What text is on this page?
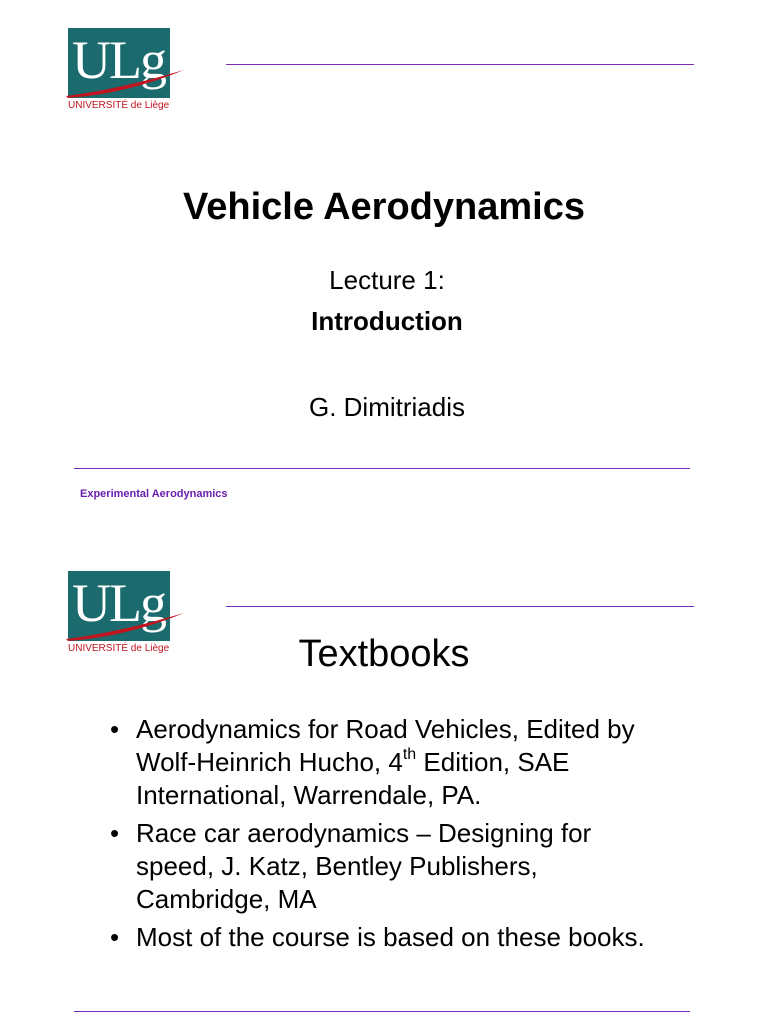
ULg
UNIVERSITÉ de Liège
Vehicle Aerodynamics
Lecture 1:
Introduction
G. Dimitriadis
Experimental Aerodynamics
ULg
UNIVERSITÉ de Liège	Textbooks
• Aerodynamics for Road Vehicles, Edited by Wolf-Heinrich Hucho, 4th Edition, SAE International, Warrendale, PA.
• Race car aerodynamics – Designing for speed, J. Katz, Bentley Publishers, Cambridge, MA
• Most of the course is based on these books.
